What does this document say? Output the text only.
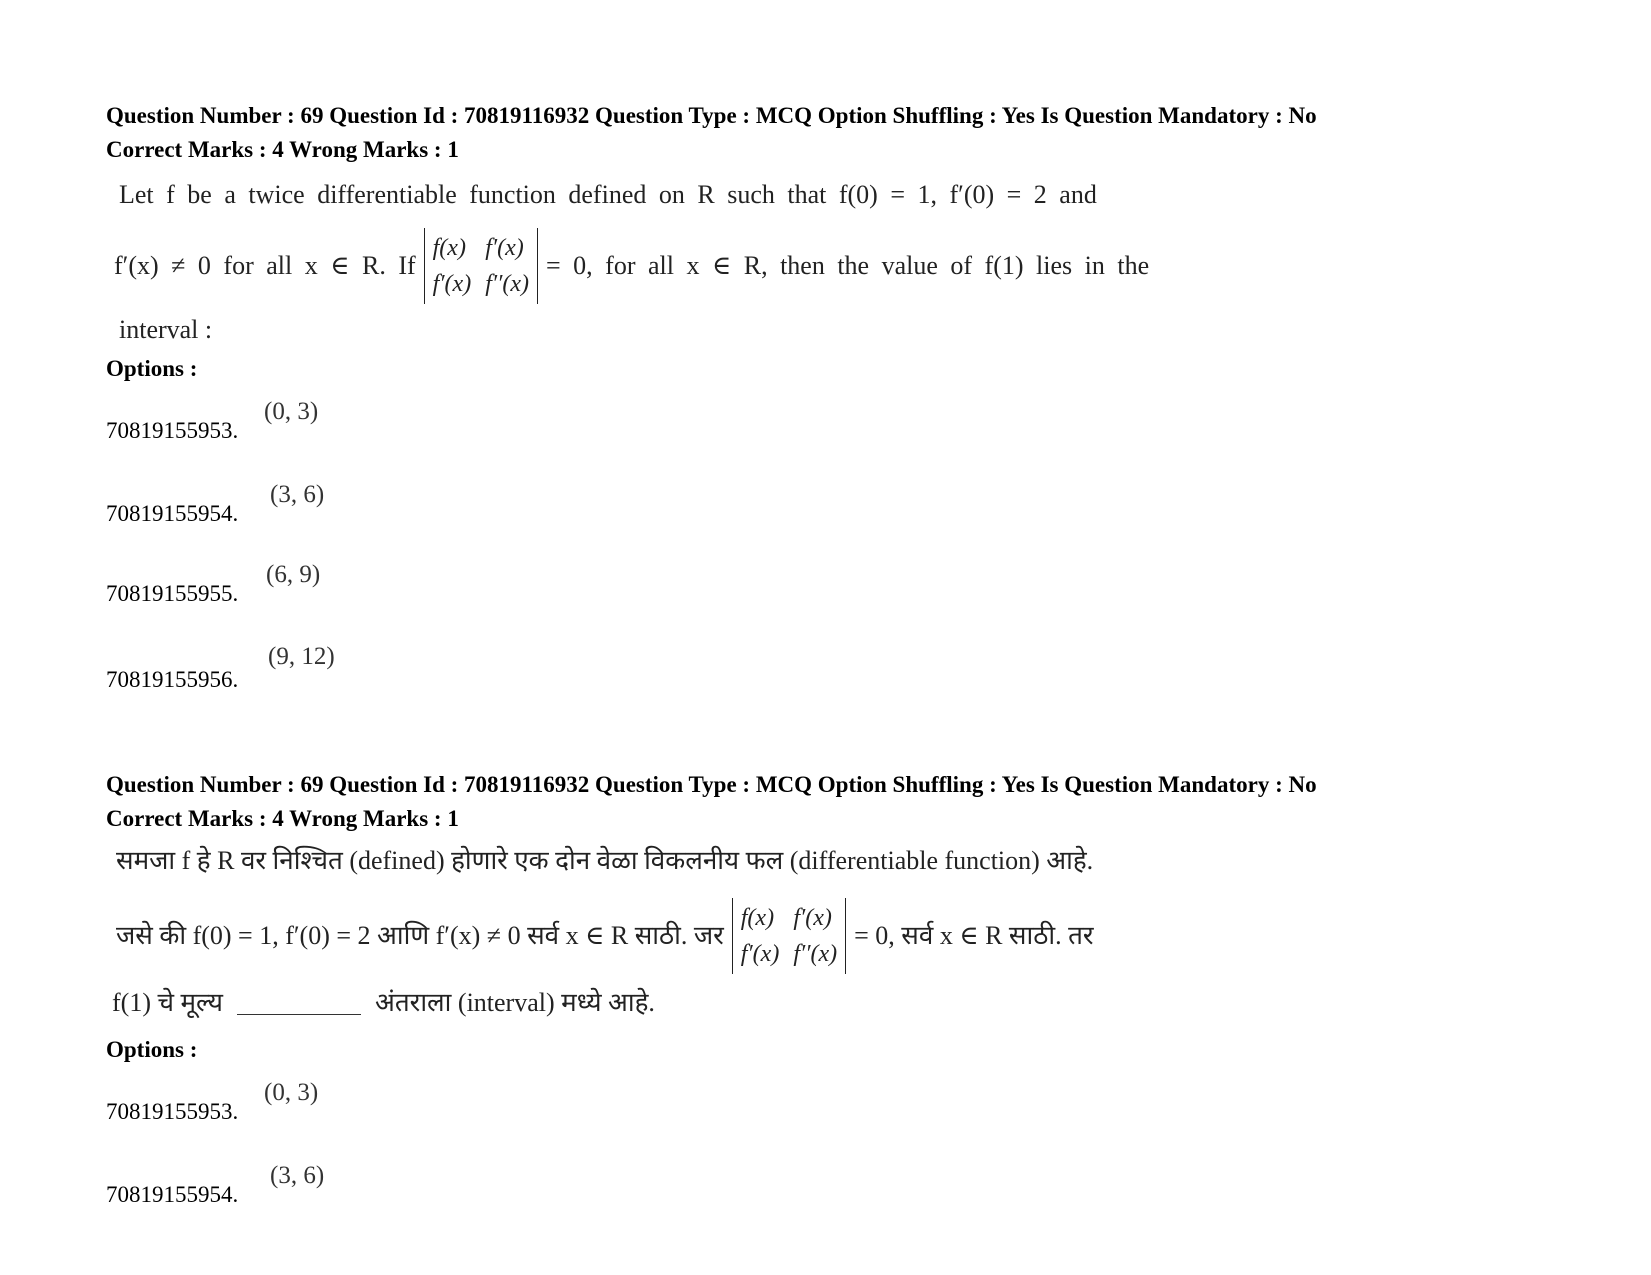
Question Number : 69 Question Id : 70819116932 Question Type : MCQ Option Shuffling : Yes Is Question Mandatory : No
Correct Marks : 4 Wrong Marks : 1
Let f be a twice differentiable function defined on R such that f(0) = 1, f′(0) = 2 and
f′(x) ≠ 0 for all x ∈ R. If
f(x)	f′(x)
f′(x)	f′′(x)
= 0, for all x ∈ R, then the value of f(1) lies in the
interval :
Options :
(0, 3)
70819155953.
(3, 6)
70819155954.
(6, 9)
70819155955.
(9, 12)
70819155956.
Question Number : 69 Question Id : 70819116932 Question Type : MCQ Option Shuffling : Yes Is Question Mandatory : No
Correct Marks : 4 Wrong Marks : 1
समजा f हे R वर निश्चित (defined) होणारे एक दोन वेळा विकलनीय फल (differentiable function) आहे.
जसे की f(0) = 1, f′(0) = 2 आणि f′(x) ≠ 0 सर्व x ∈ R साठी. जर
f(x)	f′(x)
f′(x)	f′′(x)
= 0, सर्व x ∈ R साठी. तर
f(1) चे मूल्य	अंतराला (interval) मध्ये आहे.
Options :
(0, 3)
70819155953.
(3, 6)
70819155954.
